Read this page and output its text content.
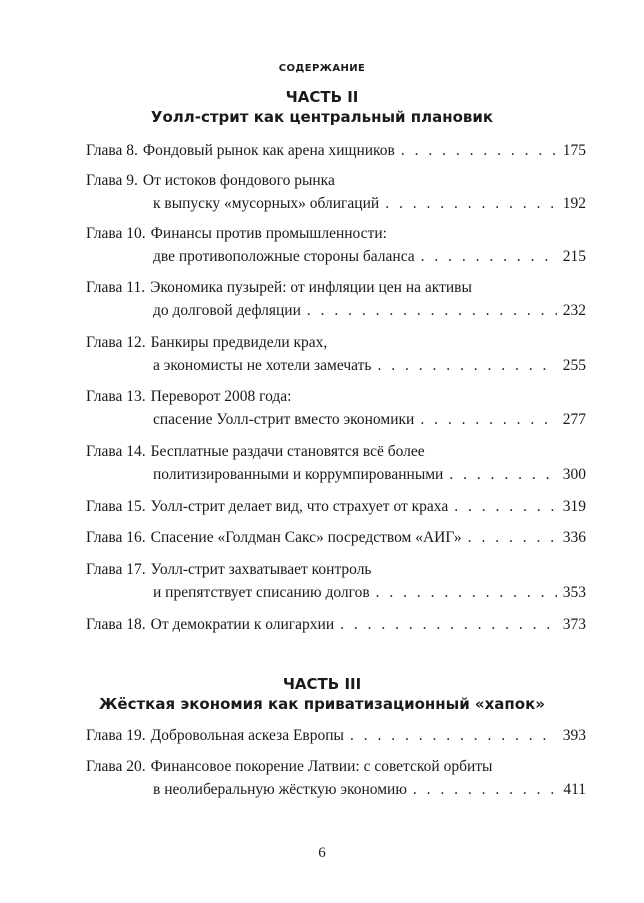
СОДЕРЖАНИЕ
ЧАСТЬ II
Уолл-стрит как центральный плановик
Глава 8. Фондовый рынок как арена хищников . . .	175
Глава 9. От истоков фондового рынка
к выпуску «мусорных» облигаций . . .	192
Глава 10. Финансы против промышленности:
две противоположные стороны баланса . . .	215
Глава 11. Экономика пузырей: от инфляции цен на активы
до долговой дефляции . . .	232
Глава 12. Банкиры предвидели крах,
а экономисты не хотели замечать . . .	255
Глава 13. Переворот 2008 года:
спасение Уолл-стрит вместо экономики . . .	277
Глава 14. Бесплатные раздачи становятся всё более
политизированными и коррумпированными . . .	300
Глава 15. Уолл-стрит делает вид, что страхует от краха . . .	319
Глава 16. Спасение «Голдман Сакс» посредством «АИГ» . . .	336
Глава 17. Уолл-стрит захватывает контроль
и препятствует списанию долгов . . .	353
Глава 18. От демократии к олигархии . . .	373
ЧАСТЬ III
Жёсткая экономия как приватизационный «хапок»
Глава 19. Добровольная аскеза Европы . . .	393
Глава 20. Финансовое покорение Латвии: с советской орбиты
в неолиберальную жёсткую экономию . . .	411
6
